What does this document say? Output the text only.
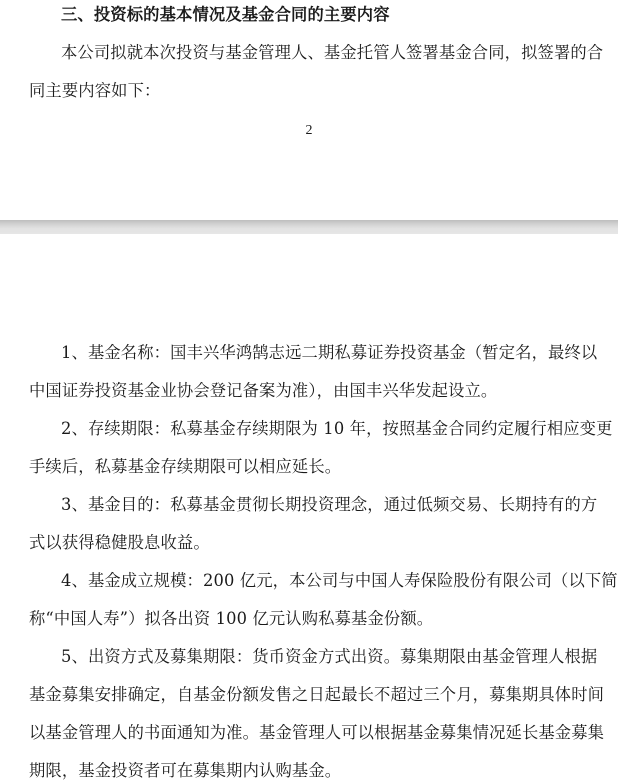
三、投资标的基本情况及基金合同的主要内容
本公司拟就本次投资与基金管理人、基金托管人签署基金合同，拟签署的合
同主要内容如下：
2
1、基金名称：国丰兴华鸿鹄志远二期私募证券投资基金（暂定名，最终以
中国证券投资基金业协会登记备案为准），由国丰兴华发起设立。
2、存续期限：私募基金存续期限为 10 年，按照基金合同约定履行相应变更
手续后，私募基金存续期限可以相应延长。
3、基金目的：私募基金贯彻长期投资理念，通过低频交易、长期持有的方
式以获得稳健股息收益。
4、基金成立规模：200 亿元，本公司与中国人寿保险股份有限公司（以下简
称“中国人寿”）拟各出资 100 亿元认购私募基金份额。
5、出资方式及募集期限：货币资金方式出资。募集期限由基金管理人根据
基金募集安排确定，自基金份额发售之日起最长不超过三个月，募集期具体时间
以基金管理人的书面通知为准。基金管理人可以根据基金募集情况延长基金募集
期限，基金投资者可在募集期内认购基金。
